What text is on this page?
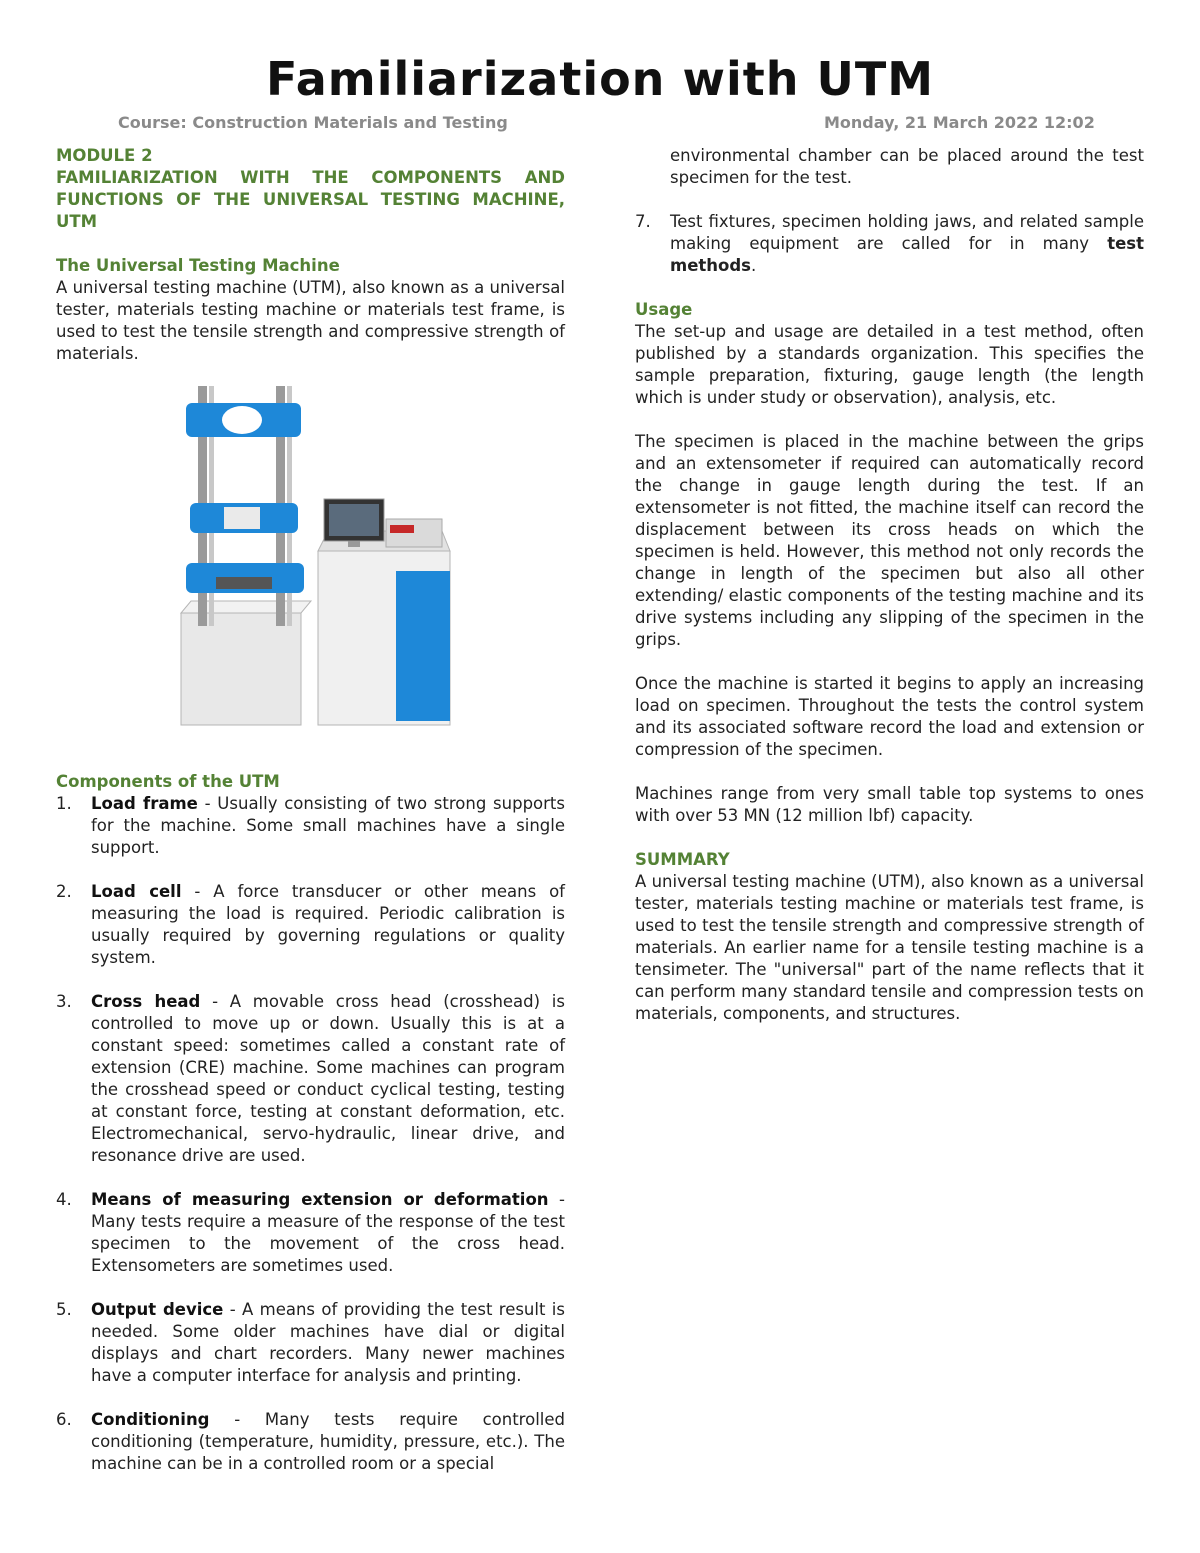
Familiarization with UTM
Course: Construction Materials and Testing	Monday, 21 March 2022 12:02
MODULE 2
FAMILIARIZATION WITH THE COMPONENTS AND FUNCTIONS OF THE UNIVERSAL TESTING MACHINE, UTM
The Universal Testing Machine

A universal testing machine (UTM), also known as a universal tester, materials testing machine or materials test frame, is used to test the tensile strength and compressive strength of materials.

Components of the UTM
1. Load frame - Usually consisting of two strong supports for the machine. Some small machines have a single support.
2. Load cell - A force transducer or other means of measuring the load is required. Periodic calibration is usually required by governing regulations or quality system.
3. Cross head - A movable cross head (crosshead) is controlled to move up or down. Usually this is at a constant speed: sometimes called a constant rate of extension (CRE) machine. Some machines can program the crosshead speed or conduct cyclical testing, testing at constant force, testing at constant deformation, etc. Electromechanical, servo-hydraulic, linear drive, and resonance drive are used.
4. Means of measuring extension or deformation - Many tests require a measure of the response of the test specimen to the movement of the cross head. Extensometers are sometimes used.
5. Output device - A means of providing the test result is needed. Some older machines have dial or digital displays and chart recorders. Many newer machines have a computer interface for analysis and printing.
6. Conditioning - Many tests require controlled conditioning (temperature, humidity, pressure, etc.). The machine can be in a controlled room or a special

environmental chamber can be placed around the test specimen for the test.

7. Test fixtures, specimen holding jaws, and related sample making equipment are called for in many test methods.
Usage

The set-up and usage are detailed in a test method, often published by a standards organization. This specifies the sample preparation, fixturing, gauge length (the length which is under study or observation), analysis, etc.

The specimen is placed in the machine between the grips and an extensometer if required can automatically record the change in gauge length during the test. If an extensometer is not fitted, the machine itself can record the displacement between its cross heads on which the specimen is held. However, this method not only records the change in length of the specimen but also all other extending/ elastic components of the testing machine and its drive systems including any slipping of the specimen in the grips.

Once the machine is started it begins to apply an increasing load on specimen. Throughout the tests the control system and its associated software record the load and extension or compression of the specimen.

Machines range from very small table top systems to ones with over 53 MN (12 million lbf) capacity.

SUMMARY

A universal testing machine (UTM), also known as a universal tester, materials testing machine or materials test frame, is used to test the tensile strength and compressive strength of materials. An earlier name for a tensile testing machine is a tensimeter. The "universal" part of the name reflects that it can perform many standard tensile and compression tests on materials, components, and structures.
